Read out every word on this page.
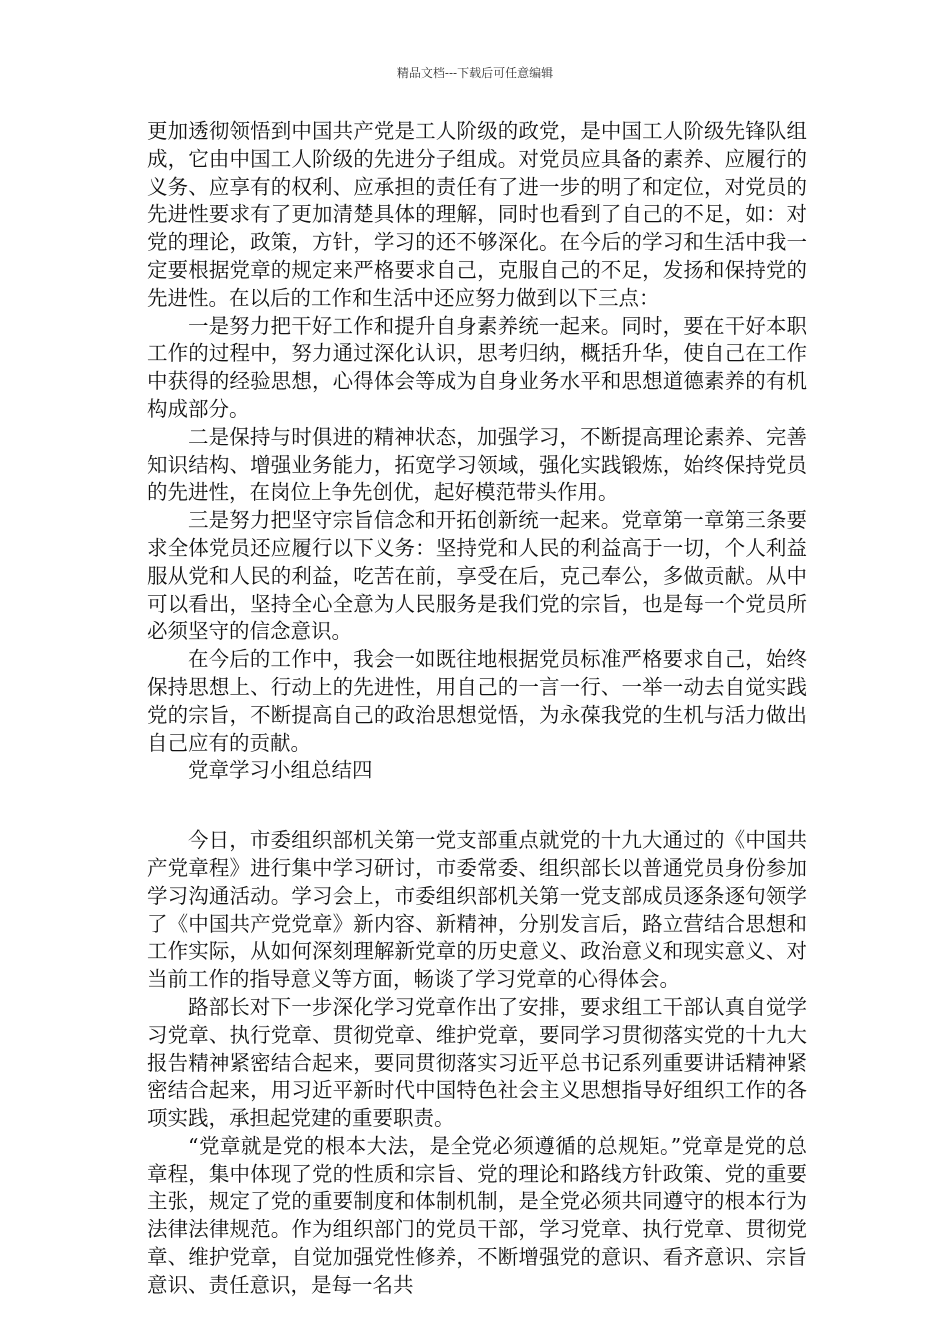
精品文档---下载后可任意编辑

更加透彻领悟到中国共产党是工人阶级的政党，是中国工人阶级先锋队组成，它由中国工人阶级的先进分子组成。对党员应具备的素养、应履行的义务、应享有的权利、应承担的责任有了进一步的明了和定位，对党员的先进性要求有了更加清楚具体的理解，同时也看到了自己的不足，如：对党的理论，政策，方针，学习的还不够深化。在今后的学习和生活中我一定要根据党章的规定来严格要求自己，克服自己的不足，发扬和保持党的先进性。在以后的工作和生活中还应努力做到以下三点：

一是努力把干好工作和提升自身素养统一起来。同时，要在干好本职工作的过程中，努力通过深化认识，思考归纳，概括升华，使自己在工作中获得的经验思想，心得体会等成为自身业务水平和思想道德素养的有机构成部分。

二是保持与时俱进的精神状态，加强学习，不断提高理论素养、完善知识结构、增强业务能力，拓宽学习领域，强化实践锻炼，始终保持党员的先进性，在岗位上争先创优，起好模范带头作用。

三是努力把坚守宗旨信念和开拓创新统一起来。党章第一章第三条要求全体党员还应履行以下义务：坚持党和人民的利益高于一切，个人利益服从党和人民的利益，吃苦在前，享受在后，克己奉公，多做贡献。从中可以看出，坚持全心全意为人民服务是我们党的宗旨，也是每一个党员所必须坚守的信念意识。

在今后的工作中，我会一如既往地根据党员标准严格要求自己，始终保持思想上、行动上的先进性，用自己的一言一行、一举一动去自觉实践党的宗旨，不断提高自己的政治思想觉悟，为永葆我党的生机与活力做出自己应有的贡献。

党章学习小组总结四

今日，市委组织部机关第一党支部重点就党的十九大通过的《中国共产党章程》进行集中学习研讨，市委常委、组织部长以普通党员身份参加学习沟通活动。学习会上，市委组织部机关第一党支部成员逐条逐句领学了《中国共产党党章》新内容、新精神，分别发言后，路立营结合思想和工作实际，从如何深刻理解新党章的历史意义、政治意义和现实意义、对当前工作的指导意义等方面，畅谈了学习党章的心得体会。

路部长对下一步深化学习党章作出了安排，要求组工干部认真自觉学习党章、执行党章、贯彻党章、维护党章，要同学习贯彻落实党的十九大报告精神紧密结合起来，要同贯彻落实习近平总书记系列重要讲话精神紧密结合起来，用习近平新时代中国特色社会主义思想指导好组织工作的各项实践，承担起党建的重要职责。

“党章就是党的根本大法，是全党必须遵循的总规矩。”党章是党的总章程，集中体现了党的性质和宗旨、党的理论和路线方针政策、党的重要主张，规定了党的重要制度和体制机制，是全党必须共同遵守的根本行为法律法律规范。作为组织部门的党员干部，学习党章、执行党章、贯彻党章、维护党章，自觉加强党性修养，不断增强党的意识、看齐意识、宗旨意识、责任意识，是每一名共
